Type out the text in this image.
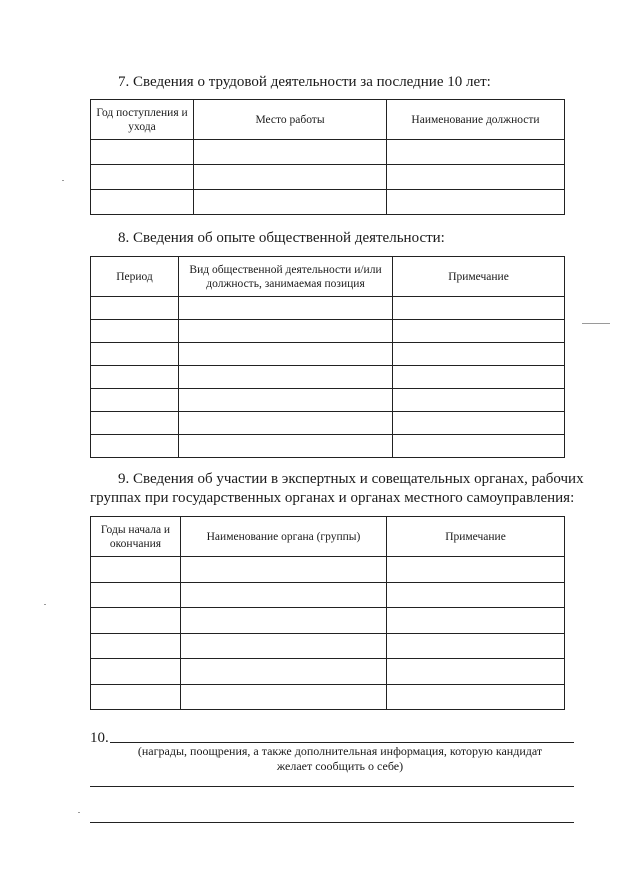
7. Сведения о трудовой деятельности за последние 10 лет:
Год поступления и ухода	Место работы	Наименование должности

8. Сведения об опыте общественной деятельности:
Период	Вид общественной деятельности и/или должность, занимаемая позиция	Примечание

9. Сведения об участии в экспертных и совещательных органах, рабочих
группах при государственных органах и органах местного самоуправления:
Годы начала и окончания	Наименование органа (группы)	Примечание

10.
(награды, поощрения, а также дополнительная информация, которую кандидат желает сообщить о себе)
